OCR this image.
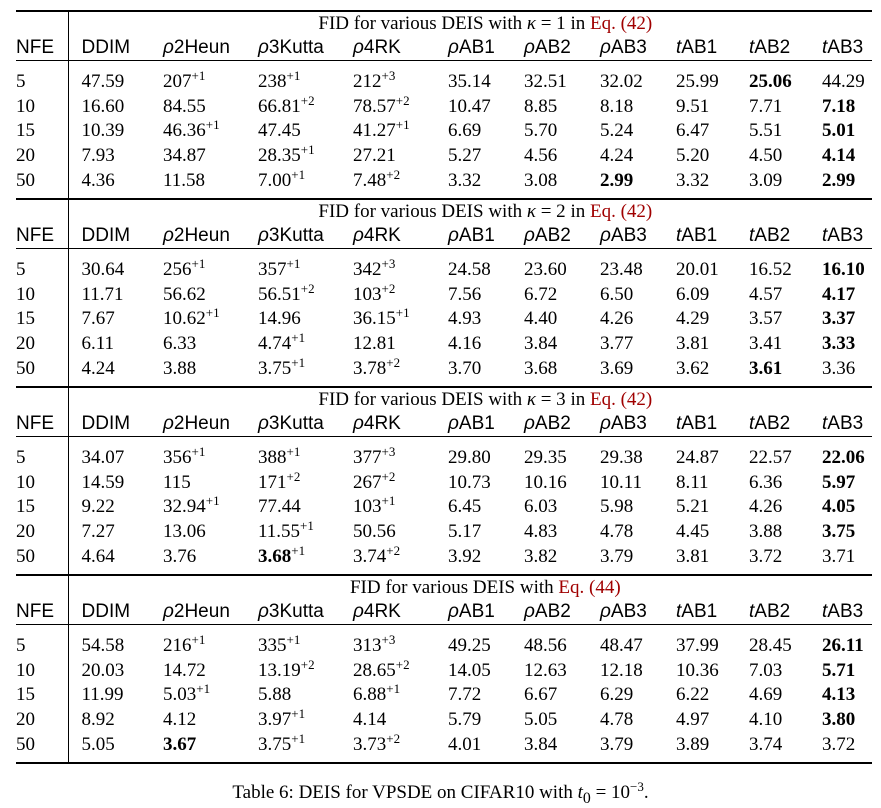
	FID for various DEIS with κ = 1 in Eq. (42)									
NFE	DDIM	ρ2Heun	ρ3Kutta	ρ4RK	ρAB1	ρAB2	ρAB3	tAB1	tAB2	tAB3
5	47.59	$207^{+1}$	$238^{+1}$	$212^{+3}$	35.14	32.51	32.02	25.99	25.06	44.29
10	16.60	84.55	$66.81^{+2}$	$78.57^{+2}$	10.47	8.85	8.18	9.51	7.71	7.18
15	10.39	$46.36^{+1}$	47.45	$41.27^{+1}$	6.69	5.70	5.24	6.47	5.51	5.01
20	7.93	34.87	$28.35^{+1}$	27.21	5.27	4.56	4.24	5.20	4.50	4.14
50	4.36	11.58	$7.00^{+1}$	$7.48^{+2}$	3.32	3.08	2.99	3.32	3.09	2.99
	FID for various DEIS with κ = 2 in Eq. (42)									
NFE	DDIM	ρ2Heun	ρ3Kutta	ρ4RK	ρAB1	ρAB2	ρAB3	tAB1	tAB2	tAB3
5	30.64	$256^{+1}$	$357^{+1}$	$342^{+3}$	24.58	23.60	23.48	20.01	16.52	16.10
10	11.71	56.62	$56.51^{+2}$	$103^{+2}$	7.56	6.72	6.50	6.09	4.57	4.17
15	7.67	$10.62^{+1}$	14.96	$36.15^{+1}$	4.93	4.40	4.26	4.29	3.57	3.37
20	6.11	6.33	$4.74^{+1}$	12.81	4.16	3.84	3.77	3.81	3.41	3.33
50	4.24	3.88	$3.75^{+1}$	$3.78^{+2}$	3.70	3.68	3.69	3.62	3.61	3.36
	FID for various DEIS with κ = 3 in Eq. (42)									
NFE	DDIM	ρ2Heun	ρ3Kutta	ρ4RK	ρAB1	ρAB2	ρAB3	tAB1	tAB2	tAB3
5	34.07	$356^{+1}$	$388^{+1}$	$377^{+3}$	29.80	29.35	29.38	24.87	22.57	22.06
10	14.59	115	$171^{+2}$	$267^{+2}$	10.73	10.16	10.11	8.11	6.36	5.97
15	9.22	$32.94^{+1}$	77.44	$103^{+1}$	6.45	6.03	5.98	5.21	4.26	4.05
20	7.27	13.06	$11.55^{+1}$	50.56	5.17	4.83	4.78	4.45	3.88	3.75
50	4.64	3.76	$3.68^{+1}$	$3.74^{+2}$	3.92	3.82	3.79	3.81	3.72	3.71
	FID for various DEIS with Eq. (44)									
NFE	DDIM	ρ2Heun	ρ3Kutta	ρ4RK	ρAB1	ρAB2	ρAB3	tAB1	tAB2	tAB3
5	54.58	$216^{+1}$	$335^{+1}$	$313^{+3}$	49.25	48.56	48.47	37.99	28.45	26.11
10	20.03	14.72	$13.19^{+2}$	$28.65^{+2}$	14.05	12.63	12.18	10.36	7.03	5.71
15	11.99	$5.03^{+1}$	5.88	$6.88^{+1}$	7.72	6.67	6.29	6.22	4.69	4.13
20	8.92	4.12	$3.97^{+1}$	4.14	5.79	5.05	4.78	4.97	4.10	3.80
50	5.05	3.67	$3.75^{+1}$	$3.73^{+2}$	4.01	3.84	3.79	3.89	3.74	3.72
Table 6: DEIS for VPSDE on CIFAR10 with $t_0 = 10^{-3}$.
